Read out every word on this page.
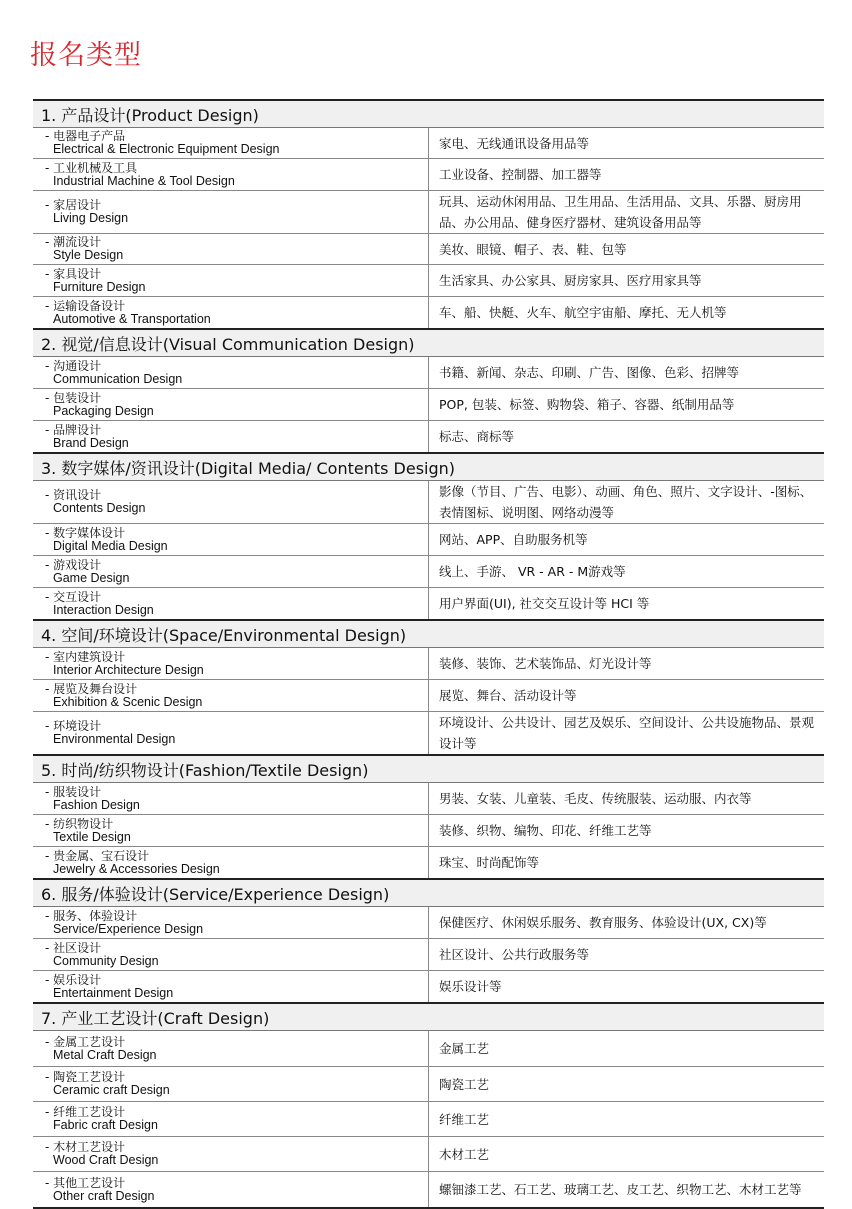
报名类型
1. 产品设计(Product Design)	

- 电器电子产品
Electrical & Electronic Equipment Design	家电、无线通讯设备用品等

- 工业机械及工具
Industrial Machine & Tool Design	工业设备、控制器、加工器等

- 家居设计
Living Design	玩具、运动休闲用品、卫生用品、生活用品、文具、乐器、厨房用品、办公用品、健身医疗器材、建筑设备用品等

- 潮流设计
Style Design	美妆、眼镜、帽子、表、鞋、包等

- 家具设计
Furniture Design	生活家具、办公家具、厨房家具、医疗用家具等

- 运输设备设计
Automotive & Transportation	车、船、快艇、火车、航空宇宙船、摩托、无人机等
2. 视觉/信息设计(Visual Communication Design)	

- 沟通设计
Communication Design	书籍、新闻、杂志、印刷、广告、图像、色彩、招牌等

- 包装设计
Packaging Design	POP, 包装、标签、购物袋、箱子、容器、纸制用品等

- 品牌设计
Brand Design	标志、商标等
3. 数字媒体/资讯设计(Digital Media/ Contents Design)	

- 资讯设计
Contents Design	影像（节目、广告、电影）、动画、角色、照片、文字设计、-图标、表情图标、说明图、网络动漫等

- 数字媒体设计
Digital Media Design	网站、APP、自助服务机等

- 游戏设计
Game Design	线上、手游、 VR - AR - M游戏等

- 交互设计
Interaction Design	用户界面(UI), 社交交互设计等 HCI 等
4. 空间/环境设计(Space/Environmental Design)	

- 室内建筑设计
Interior Architecture Design	装修、装饰、艺术装饰品、灯光设计等

- 展览及舞台设计
Exhibition & Scenic Design	展览、舞台、活动设计等

- 环境设计
Environmental Design	环境设计、公共设计、园艺及娱乐、空间设计、公共设施物品、景观设计等
5. 时尚/纺织物设计(Fashion/Textile Design)	

- 服装设计
Fashion Design	男装、女装、儿童装、毛皮、传统服装、运动服、内衣等

- 纺织物设计
Textile Design	装修、织物、编物、印花、纤维工艺等

- 贵金属、宝石设计
Jewelry & Accessories Design	珠宝、时尚配饰等
6. 服务/体验设计(Service/Experience Design)	

- 服务、体验设计
Service/Experience Design	保健医疗、休闲娱乐服务、教育服务、体验设计(UX, CX)等

- 社区设计
Community Design	社区设计、公共行政服务等

- 娱乐设计
Entertainment Design	娱乐设计等
7. 产业工艺设计(Craft Design)	

- 金属工艺设计
Metal Craft Design	金属工艺

- 陶瓷工艺设计
Ceramic craft Design	陶瓷工艺

- 纤维工艺设计
Fabric craft Design	纤维工艺

- 木材工艺设计
Wood Craft Design	木材工艺

- 其他工艺设计
Other craft Design	螺钿漆工艺、石工艺、玻璃工艺、皮工艺、织物工艺、木材工艺等
